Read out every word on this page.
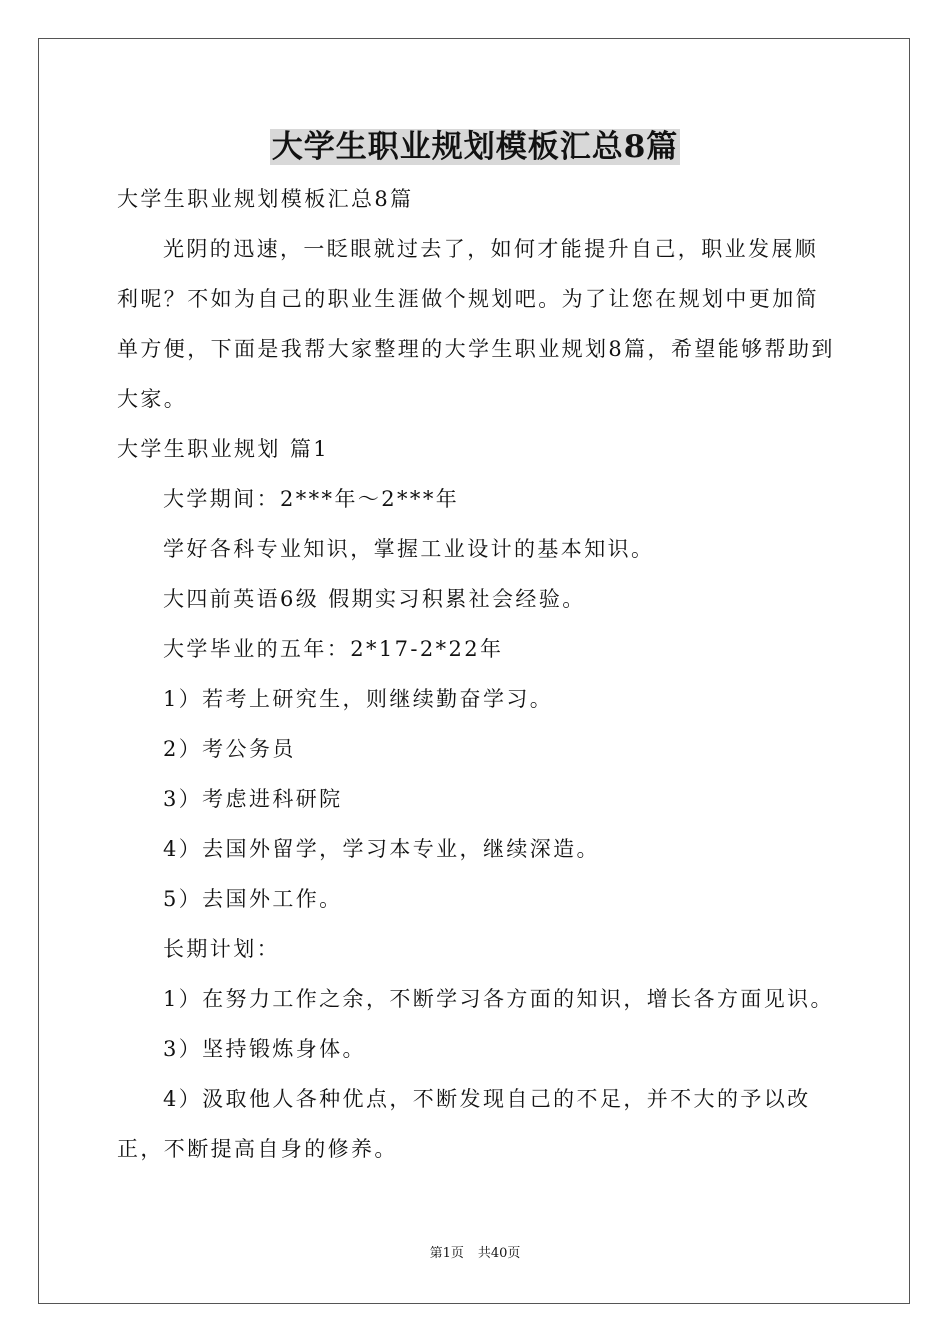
大学生职业规划模板汇总8篇

大学生职业规划模板汇总8篇

光阴的迅速，一眨眼就过去了，如何才能提升自己，职业发展顺利呢？不如为自己的职业生涯做个规划吧。为了让您在规划中更加简单方便，下面是我帮大家整理的大学生职业规划8篇，希望能够帮助到大家。

大学生职业规划 篇1

大学期间：2***年～2***年

学好各科专业知识，掌握工业设计的基本知识。

大四前英语6级 假期实习积累社会经验。

大学毕业的五年：2*17-2*22年

1）若考上研究生，则继续勤奋学习。

2）考公务员

3）考虑进科研院

4）去国外留学，学习本专业，继续深造。

5）去国外工作。

长期计划：

1）在努力工作之余，不断学习各方面的知识，增长各方面见识。

3）坚持锻炼身体。

4）汲取他人各种优点，不断发现自己的不足，并不大的予以改正，不断提高自身的修养。

第1页 共40页
